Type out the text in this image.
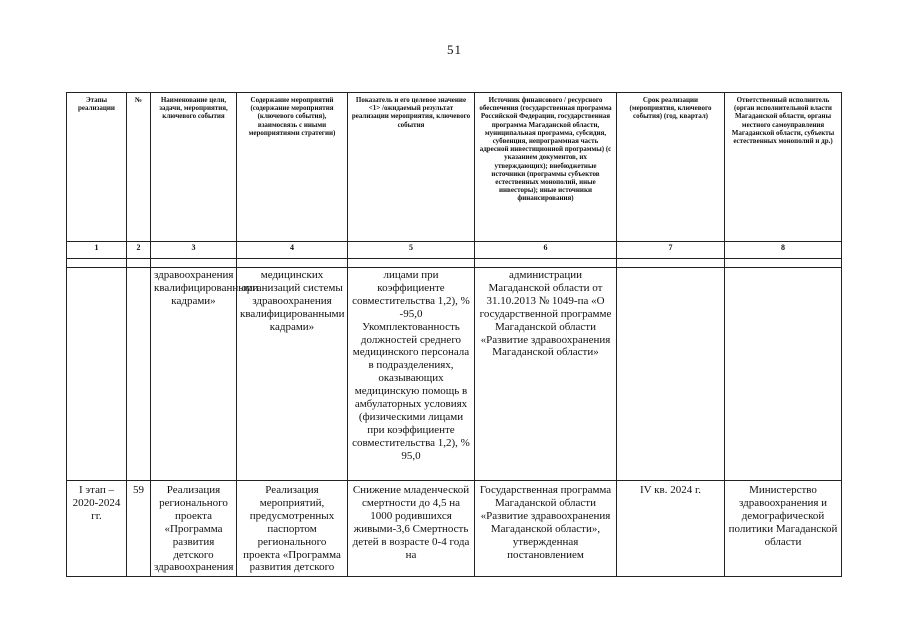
51
Этапы реализации	№	Наименование цели, задачи, мероприятия, ключевого события	Содержание мероприятий (содержание мероприятия (ключевого события), взаимосвязь с иными мероприятиями стратегии)	Показатель и его целевое значение <1> /ожидаемый результат реализации мероприятия, ключевого события	Источник финансового / ресурсного обеспечения (государственная программа Российской Федерации, государственная программа Магаданской области, муниципальная программа, субсидия, субвенция, непрограммная часть адресной инвестиционной программы) (с указанием документов, их утверждающих); внебюджетные источники (программы субъектов естественных монополий, иные инвесторы); иные источники финансирования)	Срок реализации (мероприятия, ключевого события) (год, квартал)	Ответственный исполнитель (орган исполнительной власти Магаданской области, органы местного самоуправления Магаданской области, субъекты естественных монополий и др.)
1	2	3	4	5	6	7	8

		здравоохранения квалифицированными кадрами»	медицинских организаций системы здравоохранения квалифицированными кадрами»	лицами при коэффициенте совместительства 1,2), % -95,0 Укомплектованность должностей среднего медицинского персонала в подразделениях, оказывающих медицинскую помощь в амбулаторных условиях (физическими лицами при коэффициенте совместительства 1,2), % 95,0	администрации Магаданской области от 31.10.2013 № 1049-па «О государственной программе Магаданской области «Развитие здравоохранения Магаданской области»		
I этап – 2020-2024 гг.	59	Реализация регионального проекта «Программа развития детского здравоохранения	Реализация мероприятий, предусмотренных паспортом регионального проекта «Программа развития детского	Снижение младенческой смертности до 4,5 на 1000 родившихся живыми-3,6 Смертность детей в возрасте 0-4 года на	Государственная программа Магаданской области «Развитие здравоохранения Магаданской области», утвержденная постановлением	IV кв. 2024 г.	Министерство здравоохранения и демографической политики Магаданской области
